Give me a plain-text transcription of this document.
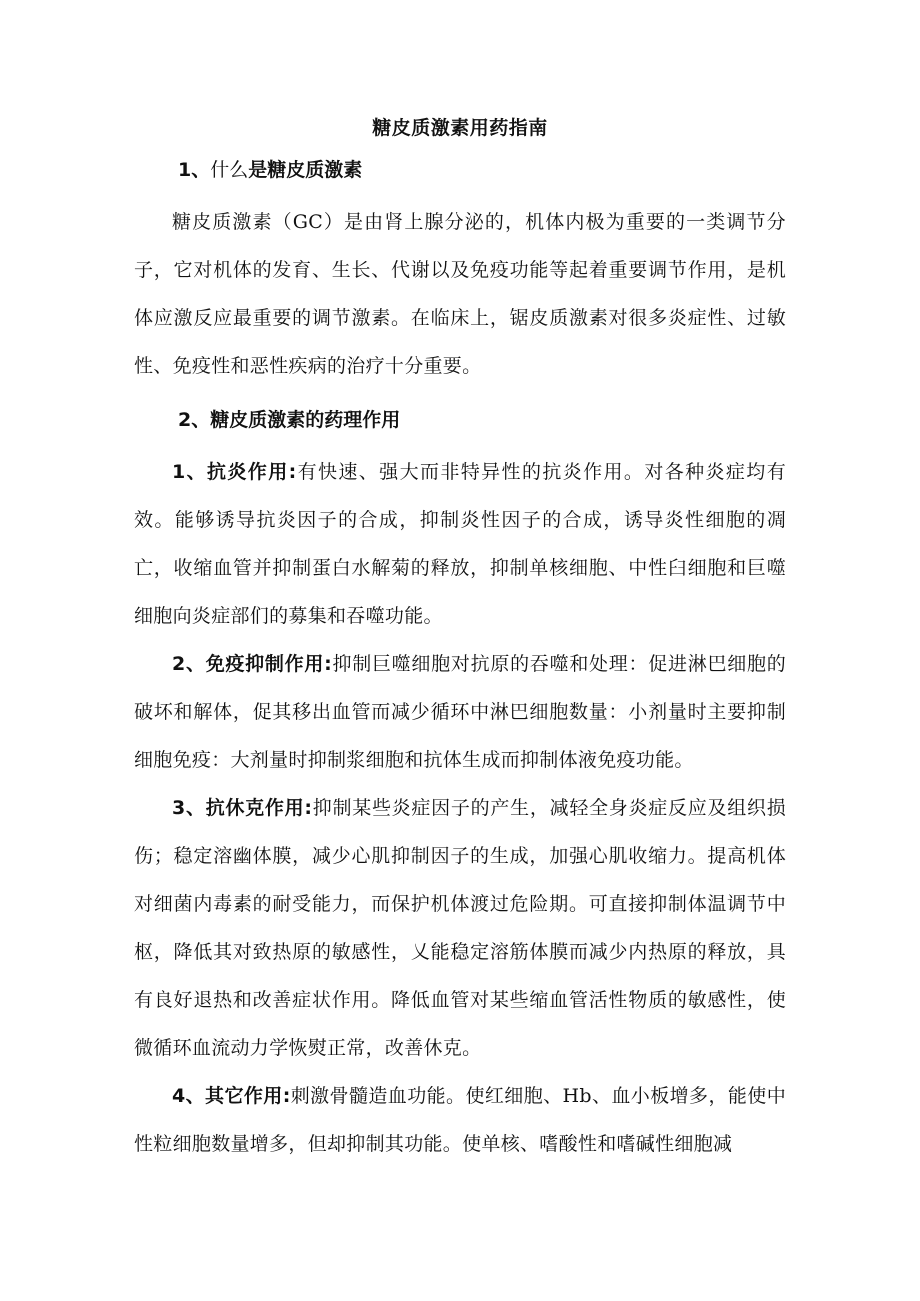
糖皮质激素用药指南
1、什么是糖皮质激素

糖皮质激素（GC）是由肾上腺分泌的，机体内极为重要的一类调节分子，它对机体的发育、生长、代谢以及免疫功能等起着重要调节作用，是机体应激反应最重要的调节激素。在临床上，锯皮质激素对很多炎症性、过敏性、免疫性和恶性疾病的治疗十分重要。

2、糖皮质激素的药理作用

1、抗炎作用:有快速、强大而非特异性的抗炎作用。对各种炎症均有效。能够诱导抗炎因子的合成，抑制炎性因子的合成，诱导炎性细胞的凋亡，收缩血管并抑制蛋白水解菊的释放，抑制单核细胞、中性臼细胞和巨噬细胞向炎症部们的募集和吞噬功能。

2、免疫抑制作用:抑制巨噬细胞对抗原的吞噬和处理：促进淋巴细胞的破坏和解体，促其移出血管而减少循环中淋巴细胞数量：小剂量时主要抑制细胞免疫：大剂量时抑制浆细胞和抗体生成而抑制体液免疫功能。

3、抗休克作用:抑制某些炎症因子的产生，减轻全身炎症反应及组织损伤；稳定溶幽体膜，减少心肌抑制因子的生成，加强心肌收缩力。提高机体对细菌内毒素的耐受能力，而保护机体渡过危险期。可直接抑制体温调节中枢，降低其对致热原的敏感性，乂能稳定溶筋体膜而减少内热原的释放，具有良好退热和改善症状作用。降低血管对某些缩血管活性物质的敏感性，使微循环血流动力学恢熨正常，改善休克。

4、其它作用:刺激骨髓造血功能。使红细胞、Hb、血小板增多，能使中性粒细胞数量增多，但却抑制其功能。使单核、嗜酸性和嗜碱性细胞减
